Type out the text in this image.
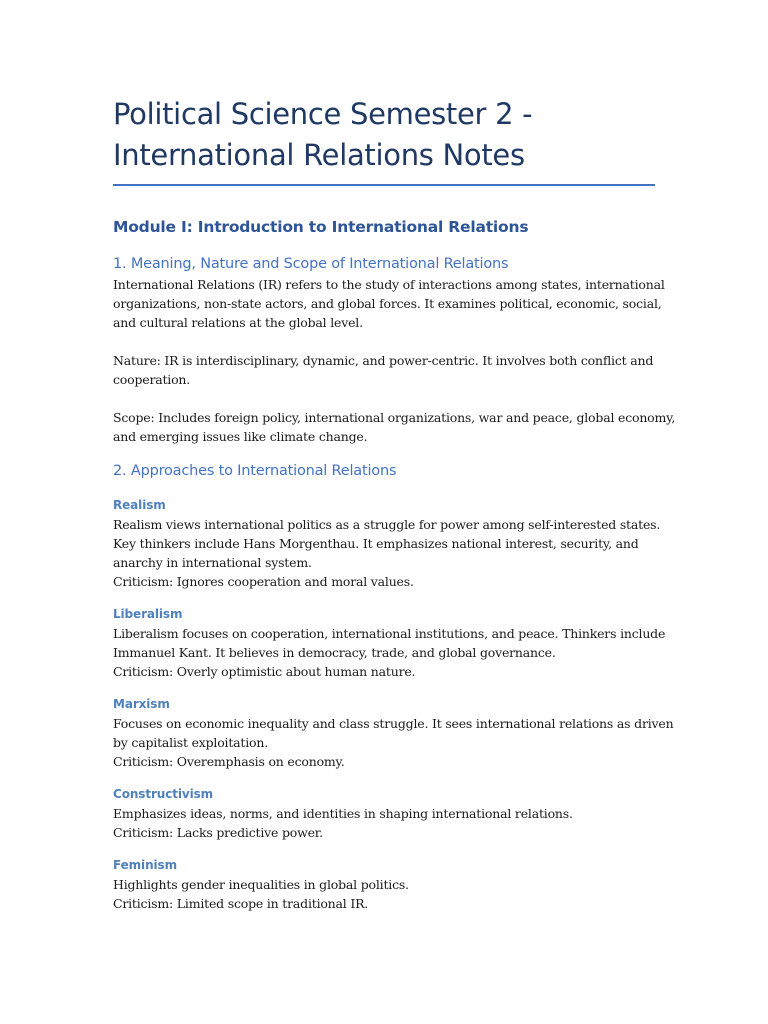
Political Science Semester 2 -
International Relations Notes
Module I: Introduction to International Relations
1. Meaning, Nature and Scope of International Relations

International Relations (IR) refers to the study of interactions among states, international
organizations, non-state actors, and global forces. It examines political, economic, social,
and cultural relations at the global level.

Nature: IR is interdisciplinary, dynamic, and power-centric. It involves both conflict and
cooperation.

Scope: Includes foreign policy, international organizations, war and peace, global economy,
and emerging issues like climate change.

2. Approaches to International Relations
Realism

Realism views international politics as a struggle for power among self-interested states.
Key thinkers include Hans Morgenthau. It emphasizes national interest, security, and
anarchy in international system.
Criticism: Ignores cooperation and moral values.

Liberalism

Liberalism focuses on cooperation, international institutions, and peace. Thinkers include
Immanuel Kant. It believes in democracy, trade, and global governance.
Criticism: Overly optimistic about human nature.

Marxism

Focuses on economic inequality and class struggle. It sees international relations as driven
by capitalist exploitation.
Criticism: Overemphasis on economy.

Constructivism

Emphasizes ideas, norms, and identities in shaping international relations.
Criticism: Lacks predictive power.

Feminism

Highlights gender inequalities in global politics.
Criticism: Limited scope in traditional IR.
